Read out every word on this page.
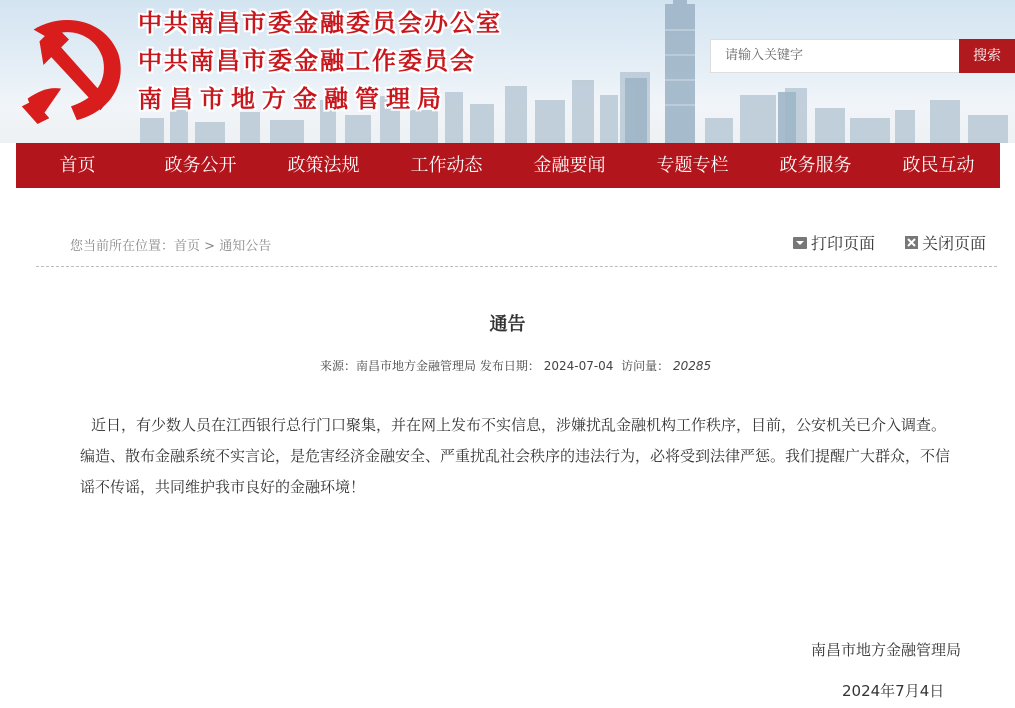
中共南昌市委金融委员会办公室
中共南昌市委金融工作委员会
南昌市地方金融管理局
请输入关键字	搜索
首页	政务公开	政策法规	工作动态	金融要闻	专题专栏	政务服务	政民互动
您当前所在位置：首页 > 通知公告	打印页面	关闭页面
通告
来源：南昌市地方金融管理局 发布日期： 2024-07-04 访问量： 20285
近日，有少数人员在江西银行总行门口聚集，并在网上发布不实信息，涉嫌扰乱金融机构工作秩序，目前，公安机关已介入调查。编造、散布金融系统不实言论，是危害经济金融安全、严重扰乱社会秩序的违法行为，必将受到法律严惩。我们提醒广大群众，不信谣不传谣，共同维护我市良好的金融环境！
南昌市地方金融管理局
2024年7月4日
